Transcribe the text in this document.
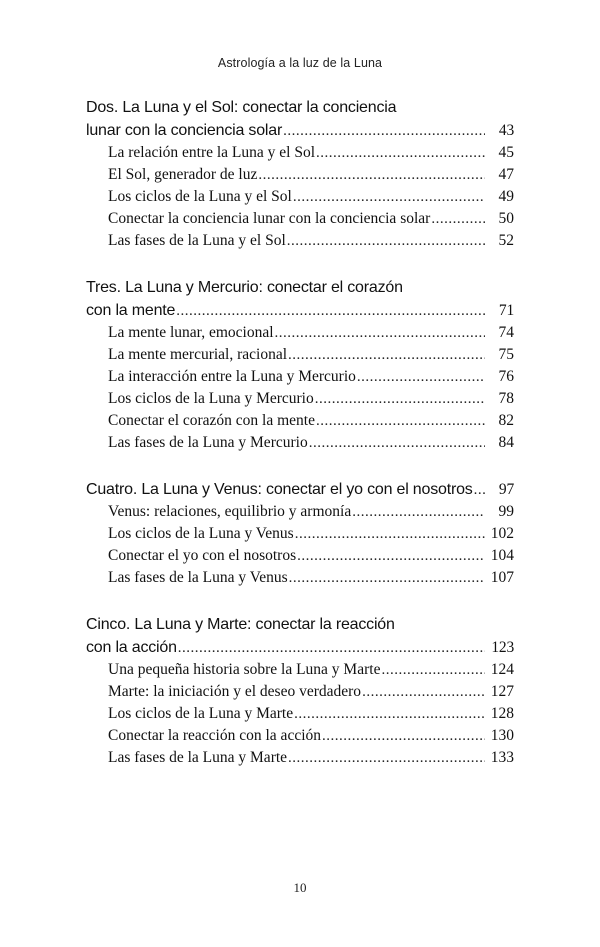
Astrología a la luz de la Luna
Dos. La Luna y el Sol: conectar la conciencia
lunar con la conciencia solar .....	43
La relación entre la Luna y el Sol .....	45
El Sol, generador de luz .....	47
Los ciclos de la Luna y el Sol .....	49
Conectar la conciencia lunar con la conciencia solar .....	50
Las fases de la Luna y el Sol .....	52
Tres. La Luna y Mercurio: conectar el corazón
con la mente .....	71
La mente lunar, emocional .....	74
La mente mercurial, racional .....	75
La interacción entre la Luna y Mercurio .....	76
Los ciclos de la Luna y Mercurio .....	78
Conectar el corazón con la mente .....	82
Las fases de la Luna y Mercurio .....	84
Cuatro. La Luna y Venus: conectar el yo con el nosotros .....	97
Venus: relaciones, equilibrio y armonía .....	99
Los ciclos de la Luna y Venus .....	102
Conectar el yo con el nosotros .....	104
Las fases de la Luna y Venus .....	107
Cinco. La Luna y Marte: conectar la reacción
con la acción .....	123
Una pequeña historia sobre la Luna y Marte .....	124
Marte: la iniciación y el deseo verdadero .....	127
Los ciclos de la Luna y Marte .....	128
Conectar la reacción con la acción .....	130
Las fases de la Luna y Marte .....	133
10
